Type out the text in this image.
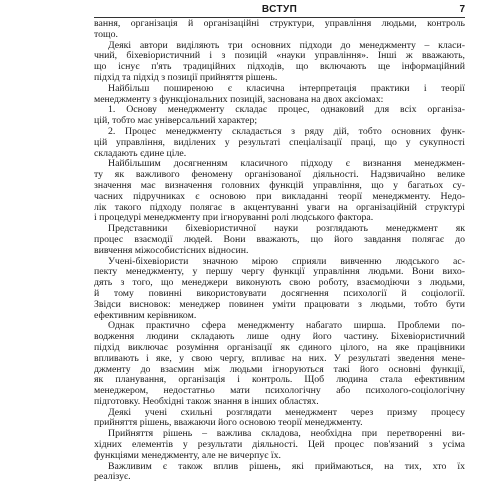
ВСТУП	7
вання, організація й організаційні структури, управління людьми, контроль
тощо.
Деякі автори виділяють три основних підходи до менеджменту – класи-
чний, біхевіористичний і з позицій «науки управління». Інші ж вважають,
що існує п'ять традиційних підходів, що включають ще інформаційний
підхід та підхід з позиції прийняття рішень.
Найбільш поширеною є класична інтерпретація практики і теорії
менеджменту з функціональних позицій, заснована на двох аксіомах:
1. Основу менеджменту складає процес, однаковий для всіх організа-
цій, тобто має універсальний характер;
2. Процес менеджменту складається з ряду дій, тобто основних функ-
цій управління, виділених у результаті спеціалізації праці, що у сукупності
складають єдине ціле.
Найбільшим досягненням класичного підходу є визнання менеджмен-
ту як важливого феномену організованої діяльності. Надзвичайно велике
значення має визначення головних функцій управління, що у багатьох су-
часних підручниках є основою при викладанні теорії менеджменту. Недо-
лік такого підходу полягає в акцентуванні уваги на організаційній структурі
і процедурі менеджменту при ігноруванні ролі людського фактора.
Представники біхевіористичної науки розглядають менеджмент як
процес взаємодії людей. Вони вважають, що його завдання полягає до
вивчення міжособистісних відносин.
Учені-біхевіористи значною мірою сприяли вивченню людського ас-
пекту менеджменту, у першу чергу функції управління людьми. Вони вихо-
дять з того, що менеджери виконують свою роботу, взаємодіючи з людьми,
й тому повинні використовувати досягнення психології й соціології.
Звідси висновок: менеджер повинен уміти працювати з людьми, тобто бути
ефективним керівником.
Однак практично сфера менеджменту набагато ширша. Проблеми по-
водження людини складають лише одну його частину. Біхевіористичний
підхід виключає розуміння організації як єдиного цілого, на яке працівники
впливають і яке, у свою чергу, впливає на них. У результаті зведення мене-
джменту до взаємин між людьми ігноруються такі його основні функції,
як планування, організація і контроль. Щоб людина стала ефективним
менеджером, недостатньо мати психологічну або психолого-соціологічну
підготовку. Необхідні також знання в інших областях.
Деякі учені схильні розглядати менеджмент через призму процесу
прийняття рішень, вважаючи його основою теорії менеджменту.
Прийняття рішень – важлива складова, необхідна при перетворенні ви-
хідних елементів у результати діяльності. Цей процес пов'язаний з усіма
функціями менеджменту, але не вичерпує їх.
Важливим є також вплив рішень, які приймаються, на тих, хто їх
реалізує.
